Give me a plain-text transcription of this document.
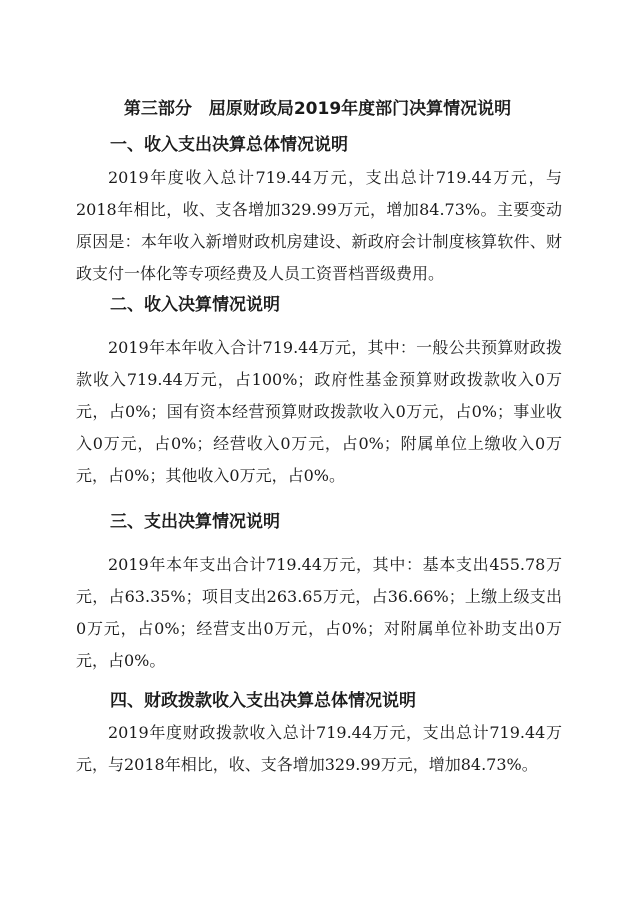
第三部分　屈原财政局2019年度部门决算情况说明
一、收入支出决算总体情况说明

2019年度收入总计719.44万元，支出总计719.44万元，与2018年相比，收、支各增加329.99万元，增加84.73%。主要变动原因是：本年收入新增财政机房建设、新政府会计制度核算软件、财政支付一体化等专项经费及人员工资晋档晋级费用。

二、收入决算情况说明

2019年本年收入合计719.44万元，其中：一般公共预算财政拨款收入719.44万元，占100%；政府性基金预算财政拨款收入0万元，占0%；国有资本经营预算财政拨款收入0万元，占0%；事业收入0万元，占0%；经营收入0万元，占0%；附属单位上缴收入0万元，占0%；其他收入0万元，占0%。

三、支出决算情况说明

2019年本年支出合计719.44万元，其中：基本支出455.78万元，占63.35%；项目支出263.65万元，占36.66%；上缴上级支出0万元，占0%；经营支出0万元，占0%；对附属单位补助支出0万元，占0%。

四、财政拨款收入支出决算总体情况说明

2019年度财政拨款收入总计719.44万元，支出总计719.44万元，与2018年相比，收、支各增加329.99万元，增加84.73%。
